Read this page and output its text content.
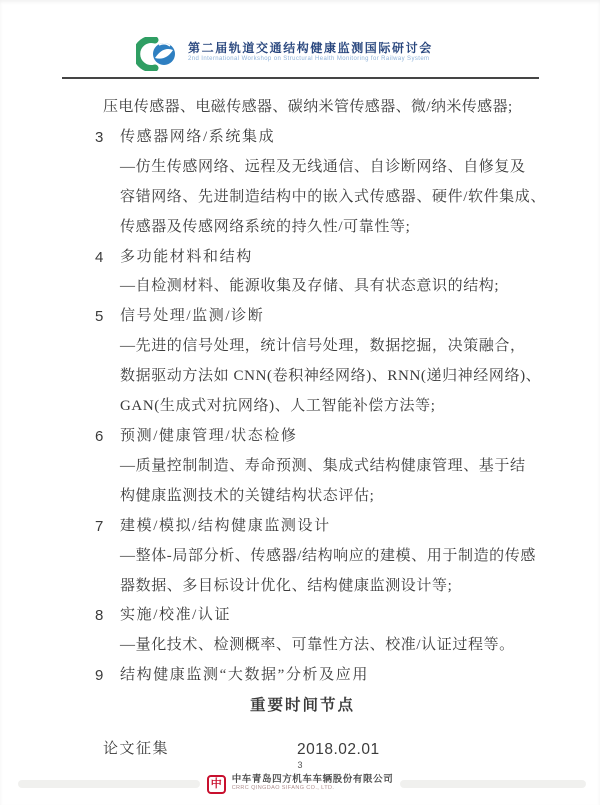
第二届轨道交通结构健康监测国际研讨会
2nd International Workshop on Structural Health Monitoring for Railway System
压电传感器、电磁传感器、碳纳米管传感器、微/纳米传感器;
3	传感器网络/系统集成
—仿生传感网络、远程及无线通信、自诊断网络、自修复及
容错网络、先进制造结构中的嵌入式传感器、硬件/软件集成、
传感器及传感网络系统的持久性/可靠性等;
4	多功能材料和结构
—自检测材料、能源收集及存储、具有状态意识的结构;
5	信号处理/监测/诊断
—先进的信号处理，统计信号处理，数据挖掘，决策融合，
数据驱动方法如 CNN(卷积神经网络)、RNN(递归神经网络)、
GAN(生成式对抗网络)、人工智能补偿方法等;
6	预测/健康管理/状态检修
—质量控制制造、寿命预测、集成式结构健康管理、基于结
构健康监测技术的关键结构状态评估;
7	建模/模拟/结构健康监测设计
—整体-局部分析、传感器/结构响应的建模、用于制造的传感
器数据、多目标设计优化、结构健康监测设计等;
8	实施/校准/认证
—量化技术、检测概率、可靠性方法、校准/认证过程等。
9	结构健康监测“大数据”分析及应用
重要时间节点
论文征集	2018.02.01
3
中	中车青岛四方机车车辆股份有限公司
CRRC QINGDAO SIFANG CO., LTD.
